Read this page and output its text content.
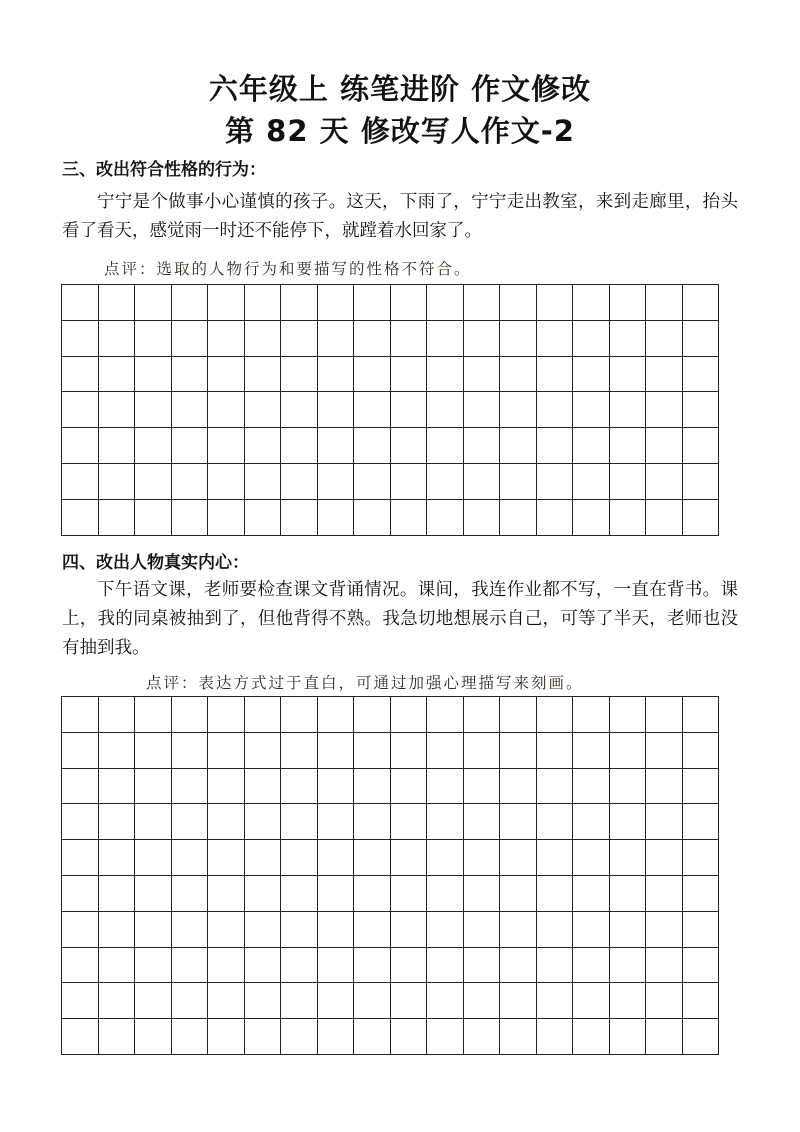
六年级上 练笔进阶 作文修改
第 82 天 修改写人作文-2
三、改出符合性格的行为：

宁宁是个做事小心谨慎的孩子。这天，下雨了，宁宁走出教室，来到走廊里，抬头看了看天，感觉雨一时还不能停下，就蹚着水回家了。

点评：选取的人物行为和要描写的性格不符合。
四、改出人物真实内心：

下午语文课，老师要检查课文背诵情况。课间，我连作业都不写，一直在背书。课上，我的同桌被抽到了，但他背得不熟。我急切地想展示自己，可等了半天，老师也没有抽到我。

点评：表达方式过于直白，可通过加强心理描写来刻画。
